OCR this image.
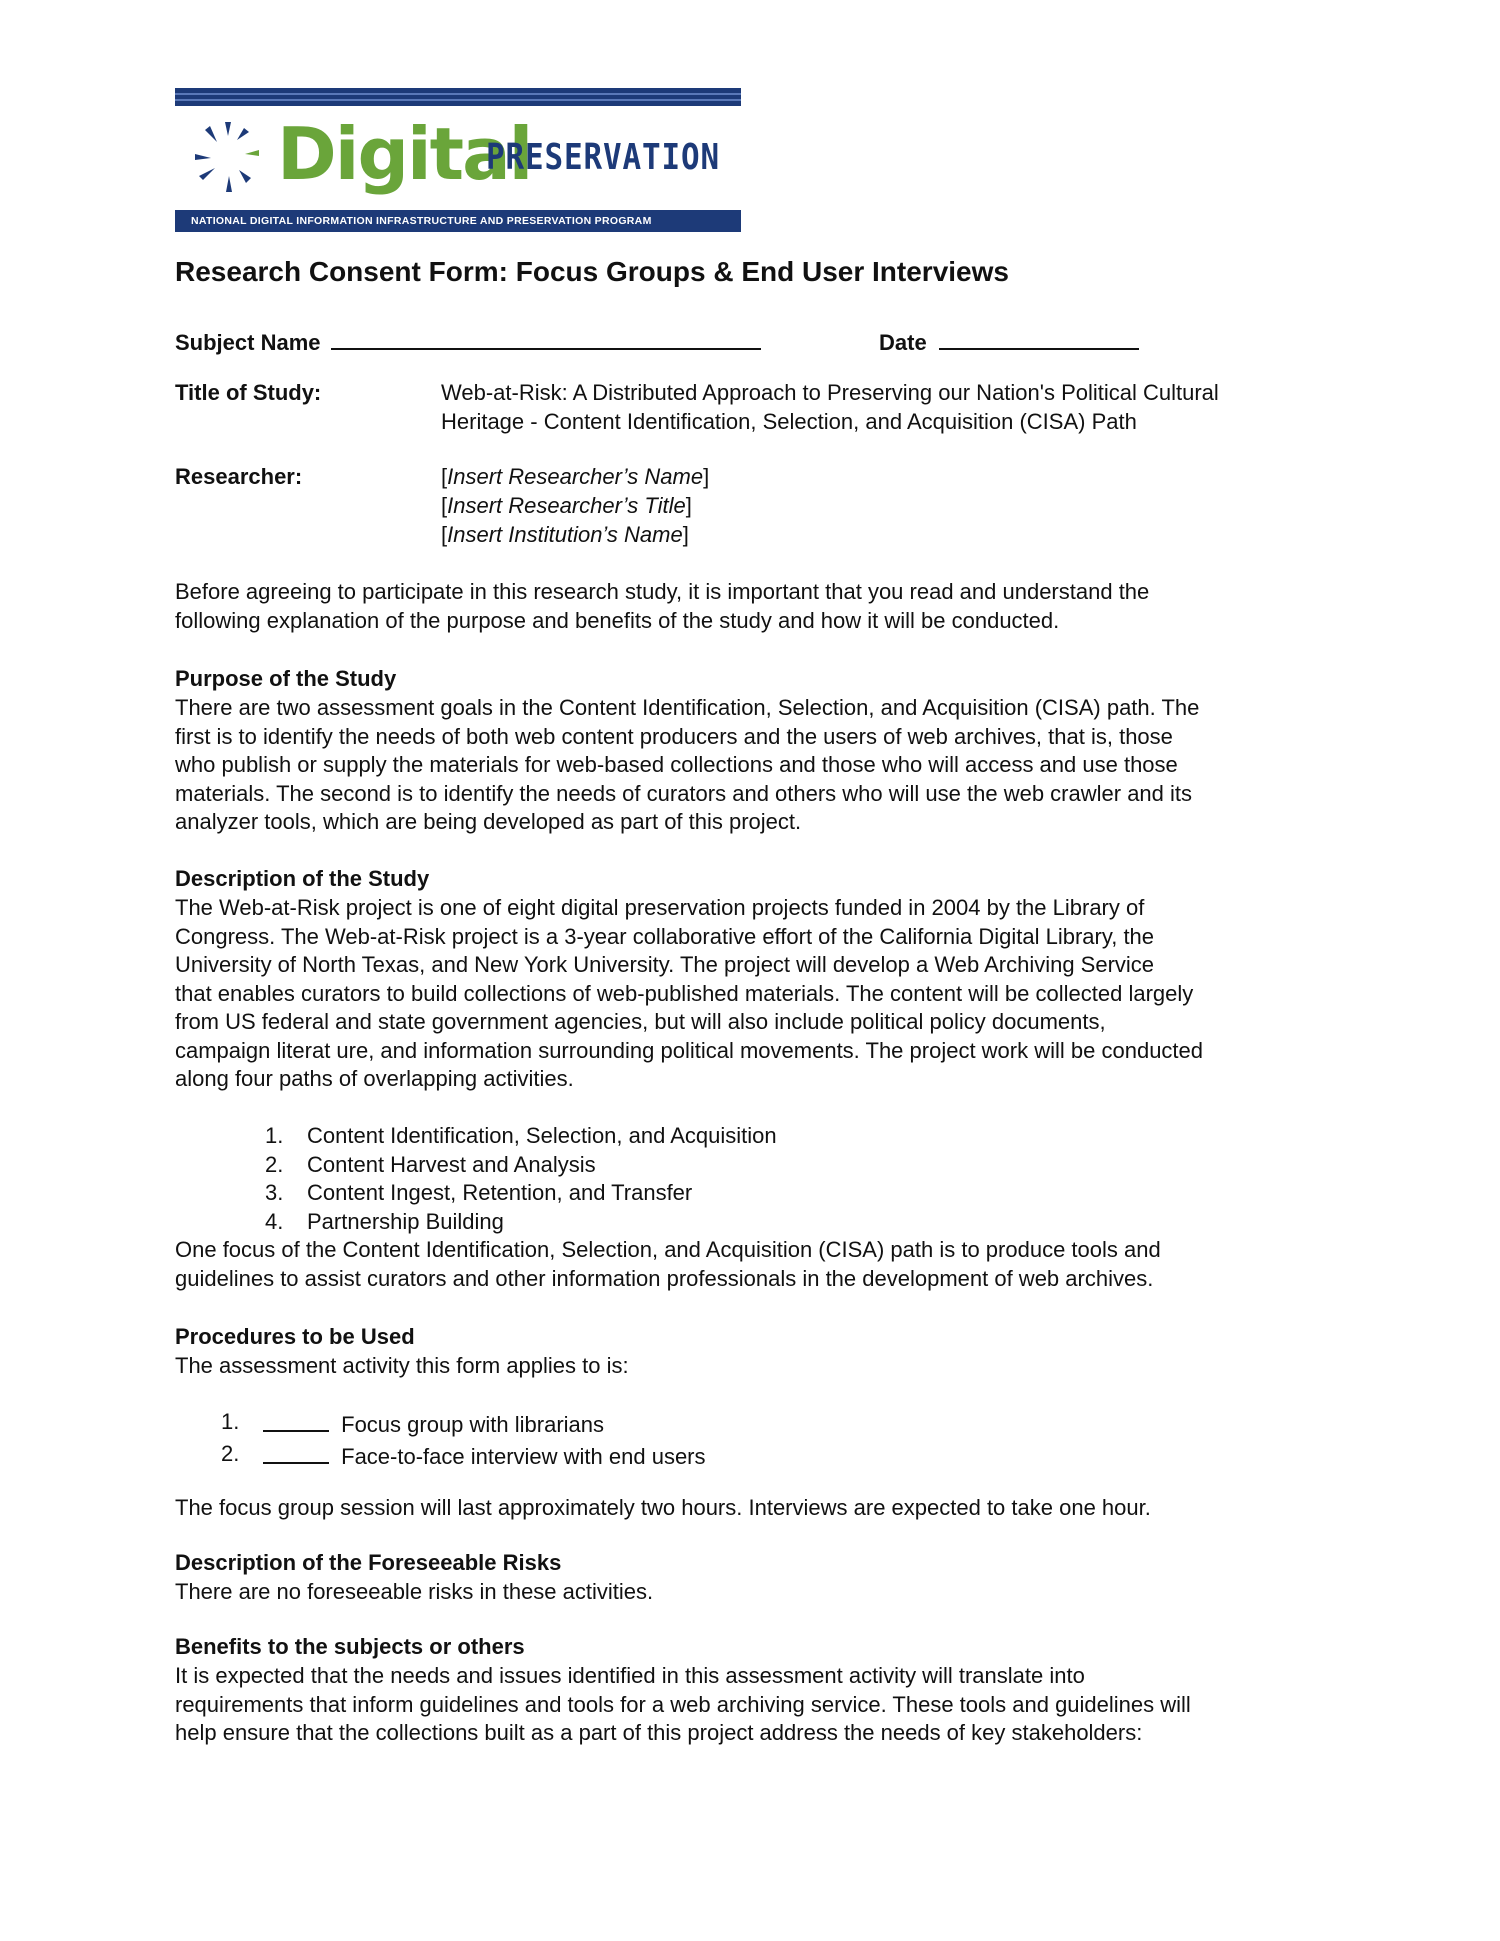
Digital
PRESERVATION
NATIONAL DIGITAL INFORMATION INFRASTRUCTURE AND PRESERVATION PROGRAM
Research Consent Form: Focus Groups & End User Interviews
Subject Name	Date
Title of Study:	Web-at-Risk: A Distributed Approach to Preserving our Nation's Political Cultural
Heritage - Content Identification, Selection, and Acquisition (CISA) Path
Researcher:	[Insert Researcher’s Name]
[Insert Researcher’s Title]
[Insert Institution’s Name]
Before agreeing to participate in this research study, it is important that you read and understand the
following explanation of the purpose and benefits of the study and how it will be conducted.
Purpose of the Study
There are two assessment goals in the Content Identification, Selection, and Acquisition (CISA) path. The
first is to identify the needs of both web content producers and the users of web archives, that is, those
who publish or supply the materials for web-based collections and those who will access and use those
materials. The second is to identify the needs of curators and others who will use the web crawler and its
analyzer tools, which are being developed as part of this project.
Description of the Study
The Web-at-Risk project is one of eight digital preservation projects funded in 2004 by the Library of
Congress. The Web-at-Risk project is a 3-year collaborative effort of the California Digital Library, the
University of North Texas, and New York University. The project will develop a Web Archiving Service
that enables curators to build collections of web-published materials. The content will be collected largely
from US federal and state government agencies, but will also include political policy documents,
campaign literat ure, and information surrounding political movements. The project work will be conducted
along four paths of overlapping activities.
1. Content Identification, Selection, and Acquisition
2. Content Harvest and Analysis
3. Content Ingest, Retention, and Transfer
4. Partnership Building
One focus of the Content Identification, Selection, and Acquisition (CISA) path is to produce tools and
guidelines to assist curators and other information professionals in the development of web archives.
Procedures to be Used
The assessment activity this form applies to is:
1.	Focus group with librarians
2.	Face-to-face interview with end users
The focus group session will last approximately two hours. Interviews are expected to take one hour.
Description of the Foreseeable Risks
There are no foreseeable risks in these activities.
Benefits to the subjects or others
It is expected that the needs and issues identified in this assessment activity will translate into
requirements that inform guidelines and tools for a web archiving service. These tools and guidelines will
help ensure that the collections built as a part of this project address the needs of key stakeholders:
